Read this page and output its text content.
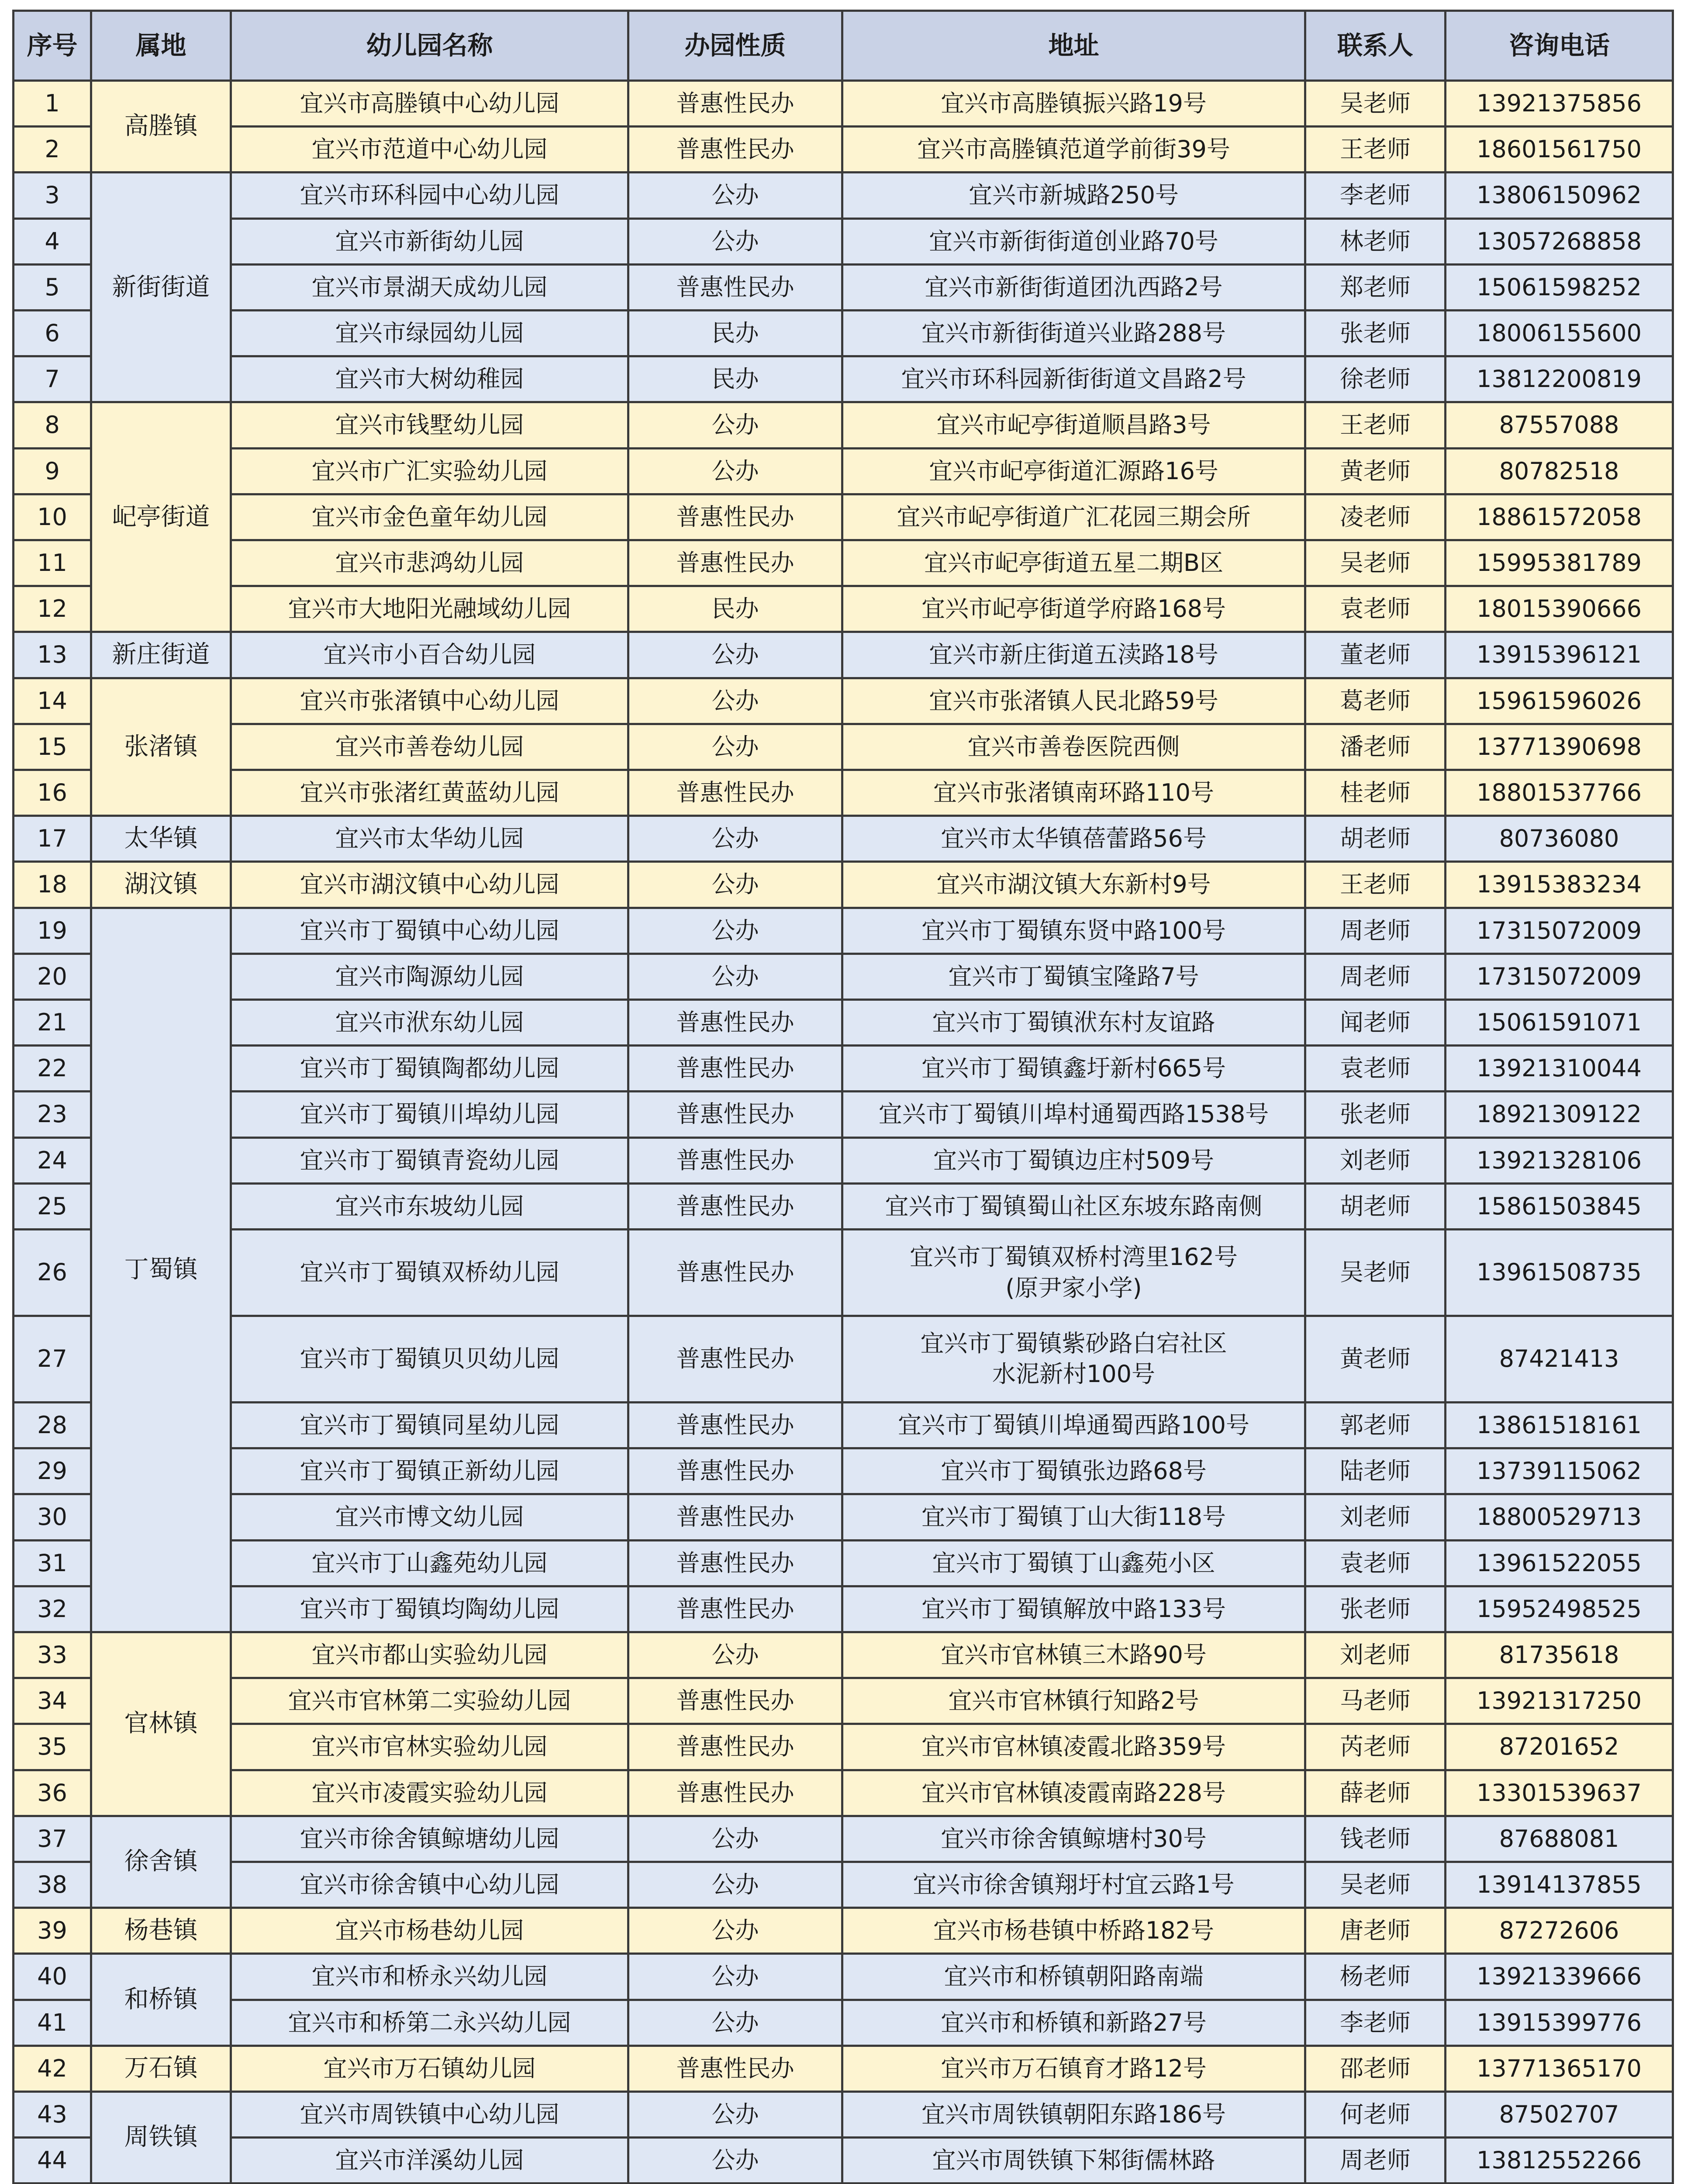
序号	属地	幼儿园名称	办园性质	地址	联系人	咨询电话
1	高塍镇	宜兴市高塍镇中心幼儿园	普惠性民办	宜兴市高塍镇振兴路19号	吴老师	13921375856
2		宜兴市范道中心幼儿园	普惠性民办	宜兴市高塍镇范道学前街39号	王老师	18601561750
3	新街街道	宜兴市环科园中心幼儿园	公办	宜兴市新城路250号	李老师	13806150962
4		宜兴市新街幼儿园	公办	宜兴市新街街道创业路70号	林老师	13057268858
5		宜兴市景湖天成幼儿园	普惠性民办	宜兴市新街街道团氿西路2号	郑老师	15061598252
6		宜兴市绿园幼儿园	民办	宜兴市新街街道兴业路288号	张老师	18006155600
7		宜兴市大树幼稚园	民办	宜兴市环科园新街街道文昌路2号	徐老师	13812200819
8	屺亭街道	宜兴市钱墅幼儿园	公办	宜兴市屺亭街道顺昌路3号	王老师	87557088
9		宜兴市广汇实验幼儿园	公办	宜兴市屺亭街道汇源路16号	黄老师	80782518
10		宜兴市金色童年幼儿园	普惠性民办	宜兴市屺亭街道广汇花园三期会所	凌老师	18861572058
11		宜兴市悲鸿幼儿园	普惠性民办	宜兴市屺亭街道五星二期B区	吴老师	15995381789
12		宜兴市大地阳光融域幼儿园	民办	宜兴市屺亭街道学府路168号	袁老师	18015390666
13	新庄街道	宜兴市小百合幼儿园	公办	宜兴市新庄街道五渎路18号	董老师	13915396121
14	张渚镇	宜兴市张渚镇中心幼儿园	公办	宜兴市张渚镇人民北路59号	葛老师	15961596026
15		宜兴市善卷幼儿园	公办	宜兴市善卷医院西侧	潘老师	13771390698
16		宜兴市张渚红黄蓝幼儿园	普惠性民办	宜兴市张渚镇南环路110号	桂老师	18801537766
17	太华镇	宜兴市太华幼儿园	公办	宜兴市太华镇蓓蕾路56号	胡老师	80736080
18	湖汶镇	宜兴市湖汶镇中心幼儿园	公办	宜兴市湖汶镇大东新村9号	王老师	13915383234
19	丁蜀镇	宜兴市丁蜀镇中心幼儿园	公办	宜兴市丁蜀镇东贤中路100号	周老师	17315072009
20		宜兴市陶源幼儿园	公办	宜兴市丁蜀镇宝隆路7号	周老师	17315072009
21		宜兴市洑东幼儿园	普惠性民办	宜兴市丁蜀镇洑东村友谊路	闻老师	15061591071
22		宜兴市丁蜀镇陶都幼儿园	普惠性民办	宜兴市丁蜀镇鑫圩新村665号	袁老师	13921310044
23		宜兴市丁蜀镇川埠幼儿园	普惠性民办	宜兴市丁蜀镇川埠村通蜀西路1538号	张老师	18921309122
24		宜兴市丁蜀镇青瓷幼儿园	普惠性民办	宜兴市丁蜀镇边庄村509号	刘老师	13921328106
25		宜兴市东坡幼儿园	普惠性民办	宜兴市丁蜀镇蜀山社区东坡东路南侧	胡老师	15861503845
26		宜兴市丁蜀镇双桥幼儿园	普惠性民办	宜兴市丁蜀镇双桥村湾里162号
(原尹家小学)	吴老师	13961508735
27		宜兴市丁蜀镇贝贝幼儿园	普惠性民办	宜兴市丁蜀镇紫砂路白宕社区
水泥新村100号	黄老师	87421413
28		宜兴市丁蜀镇同星幼儿园	普惠性民办	宜兴市丁蜀镇川埠通蜀西路100号	郭老师	13861518161
29		宜兴市丁蜀镇正新幼儿园	普惠性民办	宜兴市丁蜀镇张边路68号	陆老师	13739115062
30		宜兴市博文幼儿园	普惠性民办	宜兴市丁蜀镇丁山大街118号	刘老师	18800529713
31		宜兴市丁山鑫苑幼儿园	普惠性民办	宜兴市丁蜀镇丁山鑫苑小区	袁老师	13961522055
32		宜兴市丁蜀镇均陶幼儿园	普惠性民办	宜兴市丁蜀镇解放中路133号	张老师	15952498525
33	官林镇	宜兴市都山实验幼儿园	公办	宜兴市官林镇三木路90号	刘老师	81735618
34		宜兴市官林第二实验幼儿园	普惠性民办	宜兴市官林镇行知路2号	马老师	13921317250
35		宜兴市官林实验幼儿园	普惠性民办	宜兴市官林镇凌霞北路359号	芮老师	87201652
36		宜兴市凌霞实验幼儿园	普惠性民办	宜兴市官林镇凌霞南路228号	薛老师	13301539637
37	徐舍镇	宜兴市徐舍镇鲸塘幼儿园	公办	宜兴市徐舍镇鲸塘村30号	钱老师	87688081
38		宜兴市徐舍镇中心幼儿园	公办	宜兴市徐舍镇翔圩村宜云路1号	吴老师	13914137855
39	杨巷镇	宜兴市杨巷幼儿园	公办	宜兴市杨巷镇中桥路182号	唐老师	87272606
40	和桥镇	宜兴市和桥永兴幼儿园	公办	宜兴市和桥镇朝阳路南端	杨老师	13921339666
41		宜兴市和桥第二永兴幼儿园	公办	宜兴市和桥镇和新路27号	李老师	13915399776
42	万石镇	宜兴市万石镇幼儿园	普惠性民办	宜兴市万石镇育才路12号	邵老师	13771365170
43	周铁镇	宜兴市周铁镇中心幼儿园	公办	宜兴市周铁镇朝阳东路186号	何老师	87502707
44		宜兴市洋溪幼儿园	公办	宜兴市周铁镇下邾街儒林路	周老师	13812552266
